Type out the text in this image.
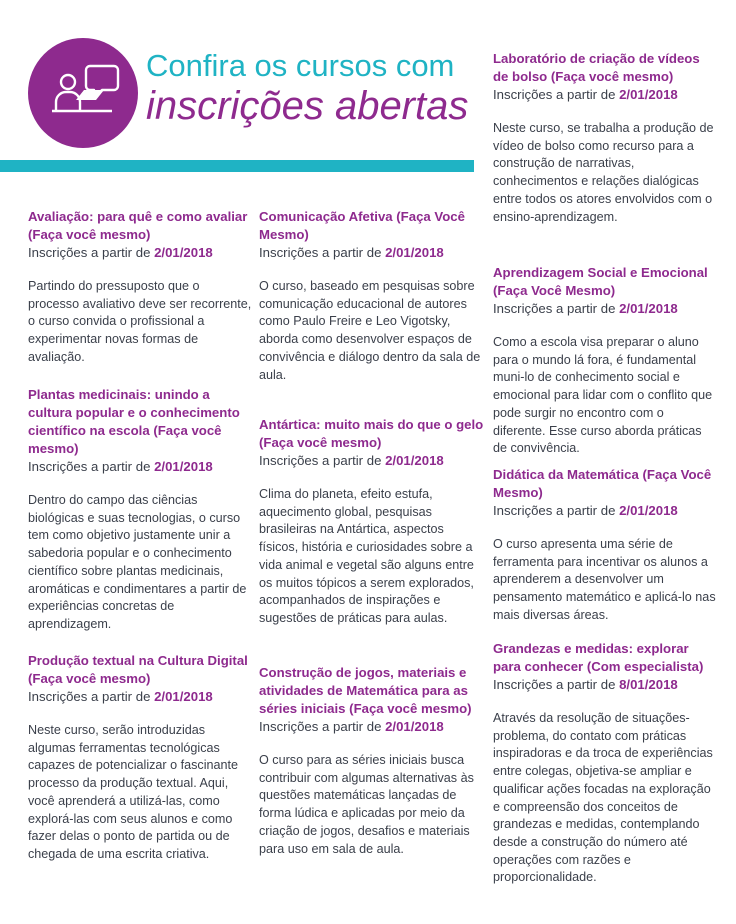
Confira os cursos com
inscrições abertas
Avaliação: para quê e como avaliar (Faça você mesmo)
Inscrições a partir de 2/01/2018
Partindo do pressuposto que o processo avaliativo deve ser recorrente, o curso convida o profissional a experimentar novas formas de avaliação.
Plantas medicinais: unindo a cultura popular e o conhecimento científico na escola (Faça você mesmo)
Inscrições a partir de 2/01/2018
Dentro do campo das ciências biológicas e suas tecnologias, o curso tem como objetivo justamente unir a sabedoria popular e o conhecimento científico sobre plantas medicinais, aromáticas e condimentares a partir de experiências concretas de aprendizagem.
Produção textual na Cultura Digital (Faça você mesmo)
Inscrições a partir de 2/01/2018
Neste curso, serão introduzidas algumas ferramentas tecnológicas capazes de potencializar o fascinante processo da produção textual. Aqui, você aprenderá a utilizá-las, como explorá-las com seus alunos e como fazer delas o ponto de partida ou de chegada de uma escrita criativa.
Comunicação Afetiva (Faça Você Mesmo)
Inscrições a partir de 2/01/2018
O curso, baseado em pesquisas sobre comunicação educacional de autores como Paulo Freire e Leo Vigotsky, aborda como desenvolver espaços de convivência e diálogo dentro da sala de aula.
Antártica: muito mais do que o gelo (Faça você mesmo)
Inscrições a partir de 2/01/2018
Clima do planeta, efeito estufa, aquecimento global, pesquisas brasileiras na Antártica, aspectos físicos, história e curiosidades sobre a vida animal e vegetal são alguns entre os muitos tópicos a serem explorados, acompanhados de inspirações e sugestões de práticas para aulas.
Construção de jogos, materiais e atividades de Matemática para as séries iniciais (Faça você mesmo)
Inscrições a partir de 2/01/2018
O curso para as séries iniciais busca contribuir com algumas alternativas às questões matemáticas lançadas de forma lúdica e aplicadas por meio da criação de jogos, desafios e materiais para uso em sala de aula.
Laboratório de criação de vídeos de bolso (Faça você mesmo)
Inscrições a partir de 2/01/2018
Neste curso, se trabalha a produção de vídeo de bolso como recurso para a construção de narrativas, conhecimentos e relações dialógicas entre todos os atores envolvidos com o ensino-aprendizagem.
Aprendizagem Social e Emocional (Faça Você Mesmo)
Inscrições a partir de 2/01/2018
Como a escola visa preparar o aluno para o mundo lá fora, é fundamental muni-lo de conhecimento social e emocional para lidar com o conflito que pode surgir no encontro com o diferente. Esse curso aborda práticas de convivência.
Didática da Matemática (Faça Você Mesmo)
Inscrições a partir de 2/01/2018
O curso apresenta uma série de ferramenta para incentivar os alunos a aprenderem a desenvolver um pensamento matemático e aplicá-lo nas mais diversas áreas.
Grandezas e medidas: explorar para conhecer (Com especialista)
Inscrições a partir de 8/01/2018
Através da resolução de situações-problema, do contato com práticas inspiradoras e da troca de experiências entre colegas, objetiva-se ampliar e qualificar ações focadas na exploração e compreensão dos conceitos de grandezas e medidas, contemplando desde a construção do número até operações com razões e proporcionalidade.
